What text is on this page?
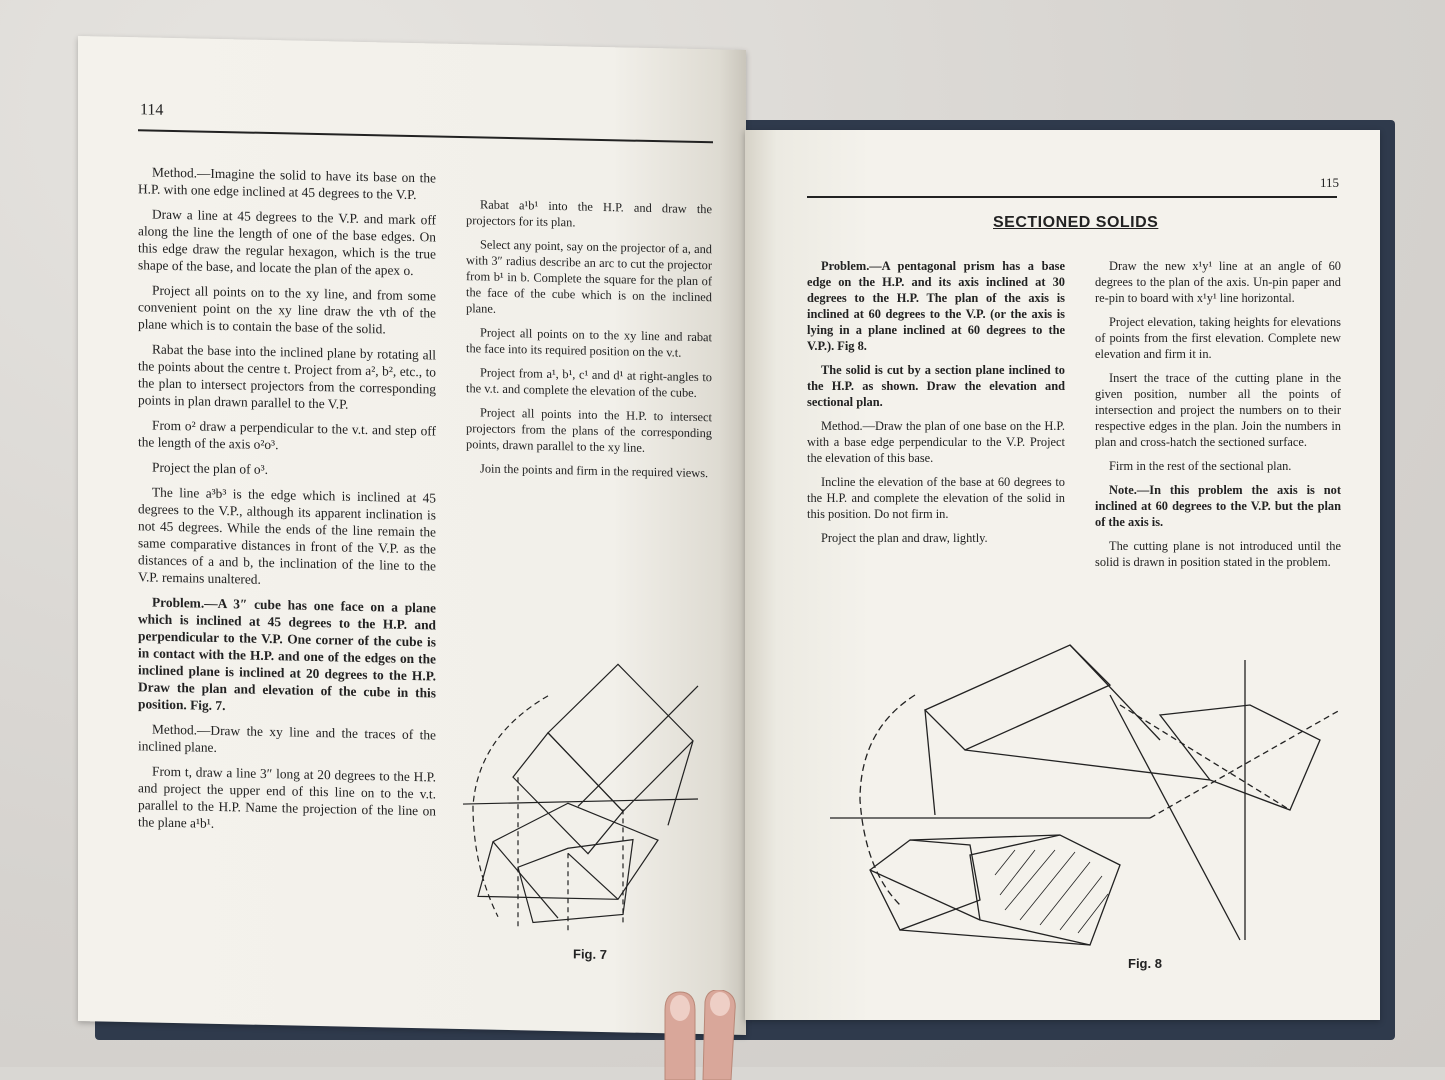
114

Method.—Imagine the solid to have its base on the H.P. with one edge inclined at 45 degrees to the V.P.

Draw a line at 45 degrees to the V.P. and mark off along the line the length of one of the base edges. On this edge draw the regular hexagon, which is the true shape of the base, and locate the plan of the apex o.

Project all points on to the xy line, and from some convenient point on the xy line draw the vth of the plane which is to contain the base of the solid.

Rabat the base into the inclined plane by rotating all the points about the centre t. Project from a², b², etc., to the plan to intersect projectors from the corresponding points in plan drawn parallel to the V.P.

From o² draw a perpendicular to the v.t. and step off the length of the axis o²o³.

Project the plan of o³.

The line a³b³ is the edge which is inclined at 45 degrees to the V.P., although its apparent inclination is not 45 degrees. While the ends of the line remain the same comparative distances in front of the V.P. as the distances of a and b, the inclination of the line to the V.P. remains unaltered.

Problem.—A 3″ cube has one face on a plane which is inclined at 45 degrees to the H.P. and perpendicular to the V.P. One corner of the cube is in contact with the H.P. and one of the edges on the inclined plane is inclined at 20 degrees to the H.P. Draw the plan and elevation of the cube in this position. Fig. 7.

Method.—Draw the xy line and the traces of the inclined plane.

From t, draw a line 3″ long at 20 degrees to the H.P. and project the upper end of this line on to the v.t. parallel to the H.P. Name the projection of the line on the plane a¹b¹.

Rabat a¹b¹ into the H.P. and draw the projectors for its plan.

Select any point, say on the projector of a, and with 3″ radius describe an arc to cut the projector from b¹ in b. Complete the square for the plan of the face of the cube which is on the inclined plane.

Project all points on to the xy line and rabat the face into its required position on the v.t.

Project from a¹, b¹, c¹ and d¹ at right-angles to the v.t. and complete the elevation of the cube.

Project all points into the H.P. to intersect projectors from the plans of the corresponding points, drawn parallel to the xy line.

Join the points and firm in the required views.

Fig. 7
115
SECTIONED SOLIDS

Problem.—A pentagonal prism has a base edge on the H.P. and its axis inclined at 30 degrees to the H.P. The plan of the axis is inclined at 60 degrees to the V.P. (or the axis is lying in a plane inclined at 60 degrees to the V.P.). Fig 8.

The solid is cut by a section plane inclined to the H.P. as shown. Draw the elevation and sectional plan.

Method.—Draw the plan of one base on the H.P. with a base edge perpendicular to the V.P. Project the elevation of this base.

Incline the elevation of the base at 60 degrees to the H.P. and complete the elevation of the solid in this position. Do not firm in.

Project the plan and draw, lightly.

Draw the new x¹y¹ line at an angle of 60 degrees to the plan of the axis. Un-pin paper and re-pin to board with x¹y¹ line horizontal.

Project elevation, taking heights for elevations of points from the first elevation. Complete new elevation and firm it in.

Insert the trace of the cutting plane in the given position, number all the points of intersection and project the numbers on to their respective edges in the plan. Join the numbers in plan and cross-hatch the sectioned surface.

Firm in the rest of the sectional plan.

Note.—In this problem the axis is not inclined at 60 degrees to the V.P. but the plan of the axis is.

The cutting plane is not introduced until the solid is drawn in position stated in the problem.

Fig. 8
